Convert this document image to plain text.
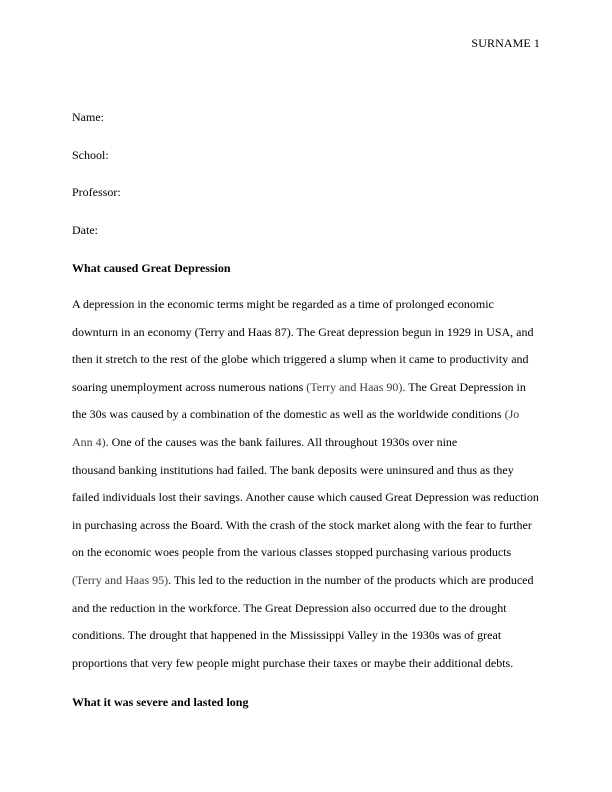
SURNAME 1
Name:
School:
Professor:
Date:
What caused Great Depression
A depression in the economic terms might be regarded as a time of prolonged economic
downturn in an economy (Terry and Haas 87). The Great depression begun in 1929 in USA, and
then it stretch to the rest of the globe which triggered a slump when it came to productivity and
soaring unemployment across numerous nations (Terry and Haas 90). The Great Depression in
the 30s was caused by a combination of the domestic as well as the worldwide conditions (Jo
Ann 4). One of the causes was the bank failures. All throughout 1930s over nine
thousand banking institutions had failed. The bank deposits were uninsured and thus as they
failed individuals lost their savings. Another cause which caused Great Depression was reduction
in purchasing across the Board. With the crash of the stock market along with the fear to further
on the economic woes people from the various classes stopped purchasing various products
(Terry and Haas 95). This led to the reduction in the number of the products which are produced
and the reduction in the workforce. The Great Depression also occurred due to the drought
conditions. The drought that happened in the Mississippi Valley in the 1930s was of great
proportions that very few people might purchase their taxes or maybe their additional debts.
What it was severe and lasted long
